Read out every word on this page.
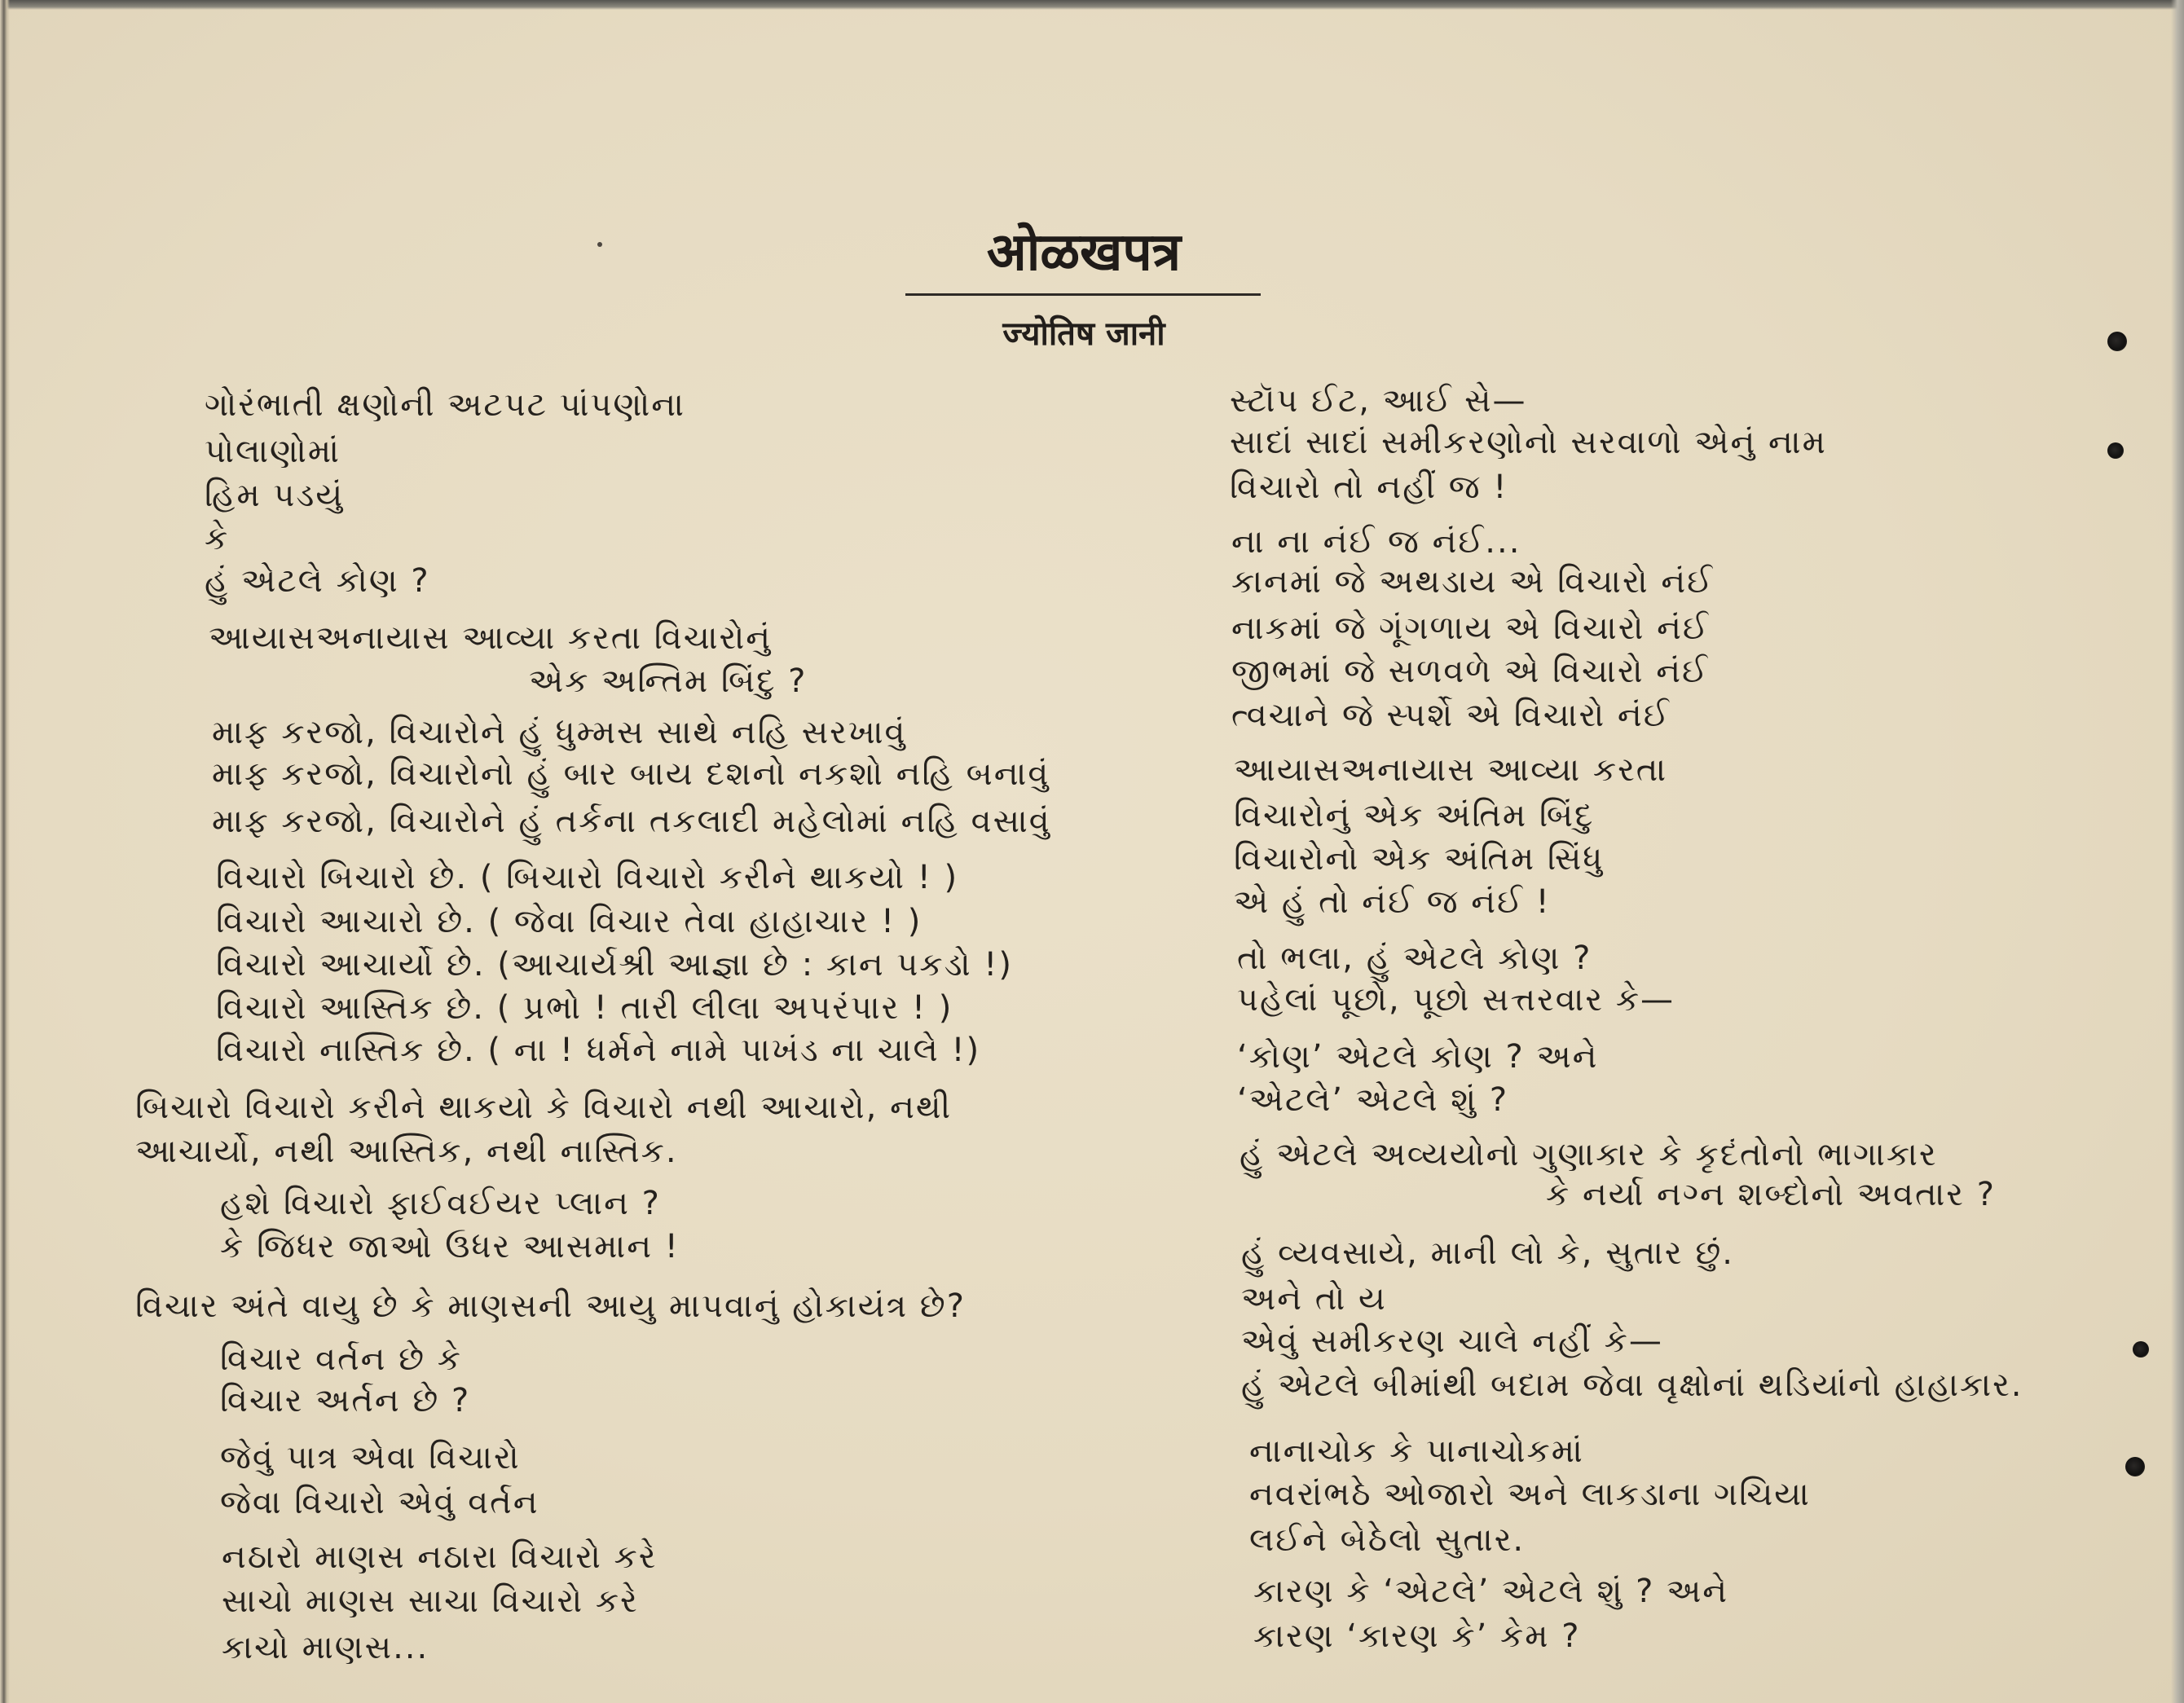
ओळखपत्र
ज्योतिष जानी
ગોરંભાતી ક્ષણોની અટપટ પાંપણોના
પોલાણોમાં
હિમ પડયું
કે
હું એટલે કોણ ?
આયાસઅનાયાસ આવ્યા કરતા વિચારોનું
એક અન્તિમ બિંદુ ?
માફ કરજો, વિચારોને હું ધુમ્મસ સાથે નહિ સરખાવું
માફ કરજો, વિચારોનો હું બાર બાય દશનો નકશો નહિ બનાવું
માફ કરજો, વિચારોને હું તર્કના તકલાદી મહેલોમાં નહિ વસાવું
વિચારો બિચારો છે. ( બિચારો વિચારો કરીને થાકયો ! )
વિચારો આચારો છે. ( જેવા વિચાર તેવા હાહાચાર ! )
વિચારો આચાર્યો છે. (આચાર્યશ્રી આજ્ઞા છે : કાન પકડો !)
વિચારો આસ્તિક છે. ( પ્રભો ! તારી લીલા અપરંપાર ! )
વિચારો નાસ્તિક છે. ( ના ! ધર્મને નામે પાખંડ ના ચાલે !)
બિચારો વિચારો કરીને થાકયો કે વિચારો નથી આચારો, નથી
આચાર્યો, નથી આસ્તિક, નથી નાસ્તિક.
હશે વિચારો ફાઈવઈયર પ્લાન ?
કે જિધર જાઓ ઉધર આસમાન !
વિચાર અંતે વાયુ છે કે માણસની આયુ માપવાનું હોકાયંત્ર છે?
વિચાર વર્તન છે કે
વિચાર અર્તન છે ?
જેવું પાત્ર એવા વિચારો
જેવા વિચારો એવું વર્તન
નઠારો માણસ નઠારા વિચારો કરે
સાચો માણસ સાચા વિચારો કરે
કાચો માણસ...
સ્ટૉપ ઈટ, આઈ સે—
સાદાં સાદાં સમીકરણોનો સરવાળો એનું નામ
વિચારો તો નહીં જ !
ના ના નંઈ જ નંઈ...
કાનમાં જે અથડાય એ વિચારો નંઈ
નાકમાં જે ગૂંગળાય એ વિચારો નંઈ
જીભમાં જે સળવળે એ વિચારો નંઈ
ત્વચાને જે સ્પર્શે એ વિચારો નંઈ
આયાસઅનાયાસ આવ્યા કરતા
વિચારોનું એક અંતિમ બિંદુ
વિચારોનો એક અંતિમ સિંધુ
એ હું તો નંઈ જ નંઈ !
તો ભલા, હું એટલે કોણ ?
પહેલાં પૂછો, પૂછો સત્તરવાર કે—
‘કોણ’ એટલે કોણ ? અને
‘એટલે’ એટલે શું ?
હું એટલે અવ્યયોનો ગુણાકાર કે કૃદંતોનો ભાગાકાર
કે નર્યા નગ્ન શબ્દોનો અવતાર ?
હું વ્યવસાયે, માની લો કે, સુતાર છું.
અને તો ય
એવું સમીકરણ ચાલે નહીં કે—
હું એટલે બીમાંથી બદામ જેવા વૃક્ષોનાં થડિયાંનો હાહાકાર.
નાનાચોક કે પાનાચોકમાં
નવરાંભઠે ઓજારો અને લાકડાના ગચિયા
લઈને બેઠેલો સુતાર.
કારણ કે ‘એટલે’ એટલે શું ? અને
કારણ ‘કારણ કે’ કેમ ?
